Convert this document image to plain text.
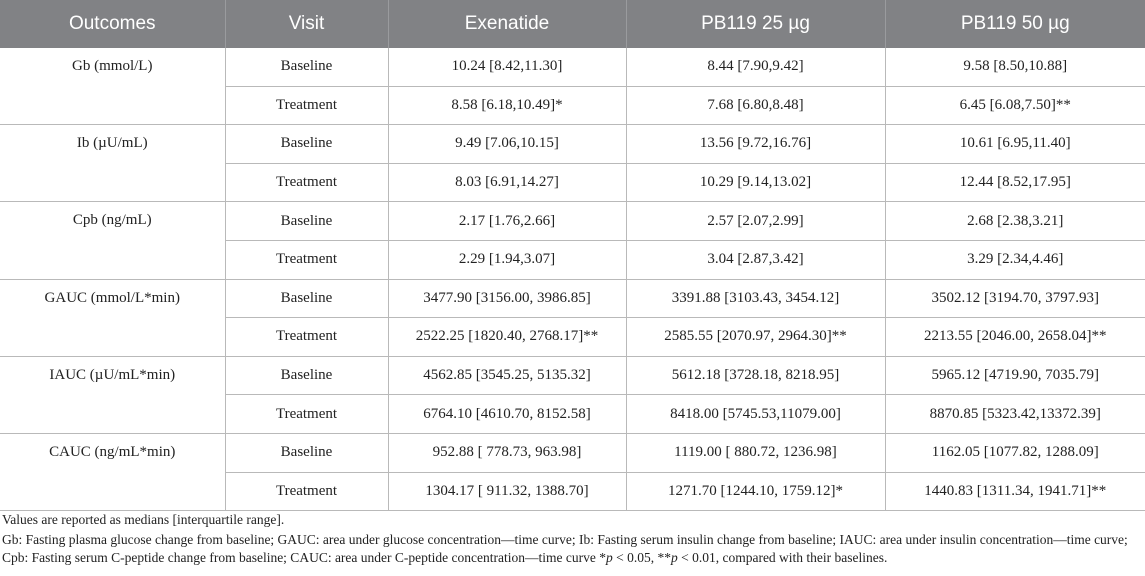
Outcomes	Visit	Exenatide	PB119 25 µg	PB119 50 µg
Gb (mmol/L)	Baseline	10.24 [8.42,11.30]	8.44 [7.90,9.42]	9.58 [8.50,10.88]
	Treatment	8.58 [6.18,10.49]*	7.68 [6.80,8.48]	6.45 [6.08,7.50]**
Ib (µU/mL)	Baseline	9.49 [7.06,10.15]	13.56 [9.72,16.76]	10.61 [6.95,11.40]
	Treatment	8.03 [6.91,14.27]	10.29 [9.14,13.02]	12.44 [8.52,17.95]
Cpb (ng/mL)	Baseline	2.17 [1.76,2.66]	2.57 [2.07,2.99]	2.68 [2.38,3.21]
	Treatment	2.29 [1.94,3.07]	3.04 [2.87,3.42]	3.29 [2.34,4.46]
GAUC (mmol/L*min)	Baseline	3477.90 [3156.00, 3986.85]	3391.88 [3103.43, 3454.12]	3502.12 [3194.70, 3797.93]
	Treatment	2522.25 [1820.40, 2768.17]**	2585.55 [2070.97, 2964.30]**	2213.55 [2046.00, 2658.04]**
IAUC (µU/mL*min)	Baseline	4562.85 [3545.25, 5135.32]	5612.18 [3728.18, 8218.95]	5965.12 [4719.90, 7035.79]
	Treatment	6764.10 [4610.70, 8152.58]	8418.00 [5745.53,11079.00]	8870.85 [5323.42,13372.39]
CAUC (ng/mL*min)	Baseline	952.88 [ 778.73, 963.98]	1119.00 [ 880.72, 1236.98]	1162.05 [1077.82, 1288.09]
	Treatment	1304.17 [ 911.32, 1388.70]	1271.70 [1244.10, 1759.12]*	1440.83 [1311.34, 1941.71]**

Values are reported as medians [interquartile range].

Gb: Fasting plasma glucose change from baseline; GAUC: area under glucose concentration—time curve; Ib: Fasting serum insulin change from baseline; IAUC: area under insulin concentration—time curve; Cpb: Fasting serum C-peptide change from baseline; CAUC: area under C-peptide concentration—time curve *p < 0.05, **p < 0.01, compared with their baselines.
